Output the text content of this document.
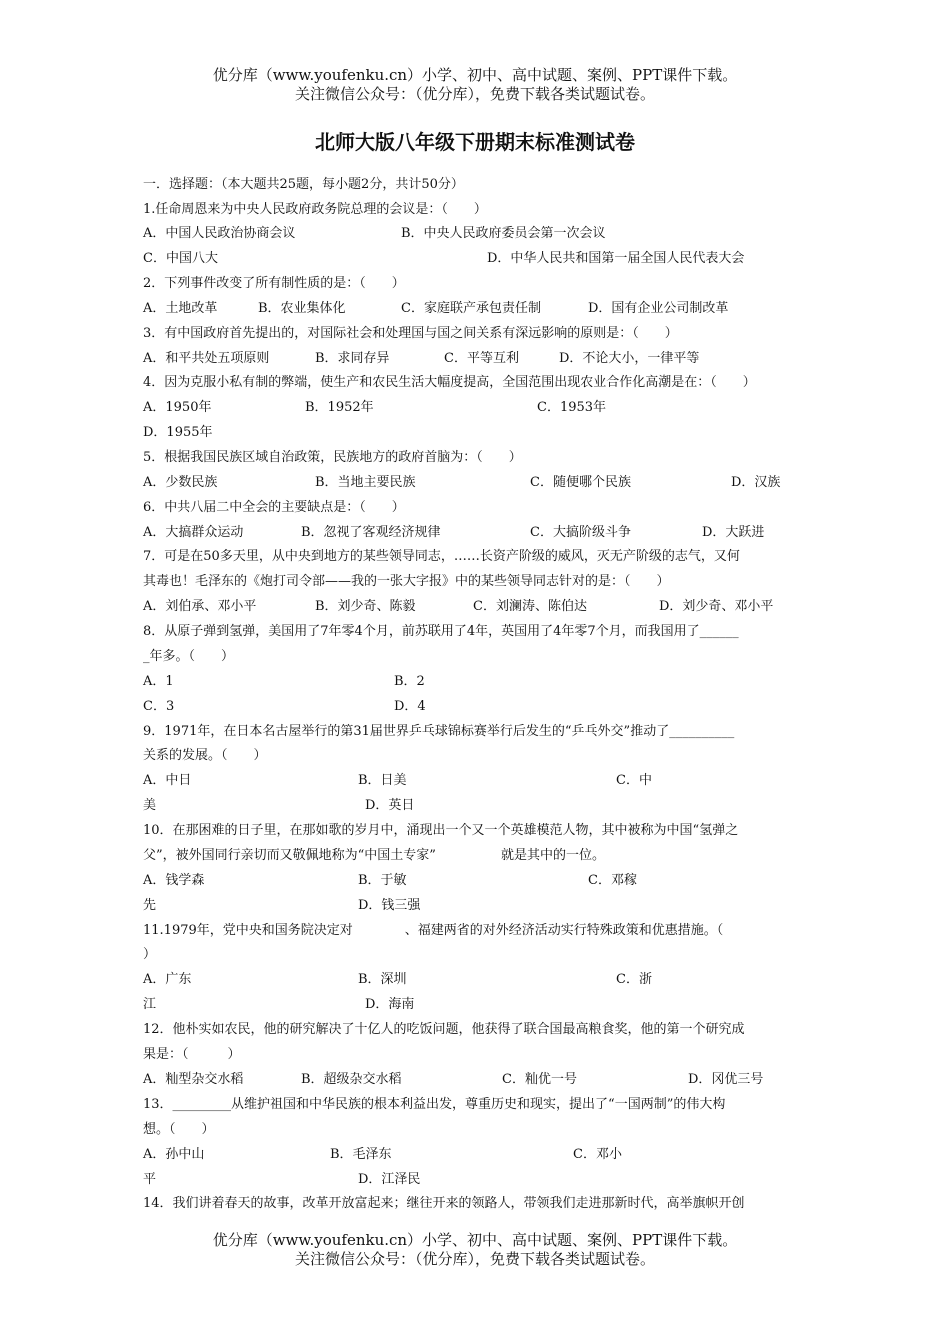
优分库（www.youfenku.cn）小学、初中、高中试题、案例、PPT课件下载。
关注微信公众号：（优分库），免费下载各类试题试卷。
北师大版八年级下册期末标准测试卷
一．选择题：（本大题共25题，每小题2分，共计50分）
1.任命周恩来为中央人民政府政务院总理的会议是：（　　）
A．中国人民政治协商会议	B．中央人民政府委员会第一次会议
C．中国八大	D．中华人民共和国第一届全国人民代表大会
2．下列事件改变了所有制性质的是：（　　）
A．土地改革	B．农业集体化	C．家庭联产承包责任制	D．国有企业公司制改革
3．有中国政府首先提出的，对国际社会和处理国与国之间关系有深远影响的原则是：（　　）
A．和平共处五项原则	B．求同存异	C．平等互利	D．不论大小，一律平等
4．因为克服小私有制的弊端，使生产和农民生活大幅度提高，全国范围出现农业合作化高潮是在：（　　）
A．1950年	B．1952年	C．1953年
D．1955年
5．根据我国民族区域自治政策，民族地方的政府首脑为：（　　）
A．少数民族	B．当地主要民族	C．随便哪个民族	D．汉族
6．中共八届二中全会的主要缺点是：（　　）
A．大搞群众运动	B．忽视了客观经济规律	C．大搞阶级斗争	D．大跃进
7．可是在50多天里，从中央到地方的某些领导同志，……长资产阶级的威风，灭无产阶级的志气，又何
其毒也！毛泽东的《炮打司令部——我的一张大字报》中的某些领导同志针对的是：（　　）
A．刘伯承、邓小平	B．刘少奇、陈毅	C．刘澜涛、陈伯达	D．刘少奇、邓小平
8．从原子弹到氢弹，美国用了7年零4个月，前苏联用了4年，英国用了4年零7个月，而我国用了______
_年多。（　　）
A．1	B．2
C．3	D．4
9．1971年，在日本名古屋举行的第31届世界乒乓球锦标赛举行后发生的“乒乓外交”推动了__________
关系的发展。（　　）
A．中日	B．日美	C．中
美	D．英日
10．在那困难的日子里，在那如歌的岁月中，涌现出一个又一个英雄模范人物，其中被称为中国“氢弹之
父”，被外国同行亲切而又敬佩地称为“中国土专家”　　　　　就是其中的一位。
A．钱学森	B．于敏	C．邓稼
先	D．钱三强
11.1979年，党中央和国务院决定对　　　　、福建两省的对外经济活动实行特殊政策和优惠措施。（
）
A．广东	B．深圳	C．浙
江	D．海南
12．他朴实如农民，他的研究解决了十亿人的吃饭问题，他获得了联合国最高粮食奖，他的第一个研究成
果是：（　　　）
A．籼型杂交水稻	B．超级杂交水稻	C．籼优一号	D．冈优三号
13．_________从维护祖国和中华民族的根本利益出发，尊重历史和现实，提出了“一国两制”的伟大构
想。（　　）
A．孙中山	B．毛泽东	C．邓小
平	D．江泽民
14．我们讲着春天的故事，改革开放富起来；继往开来的领路人，带领我们走进那新时代，高举旗帜开创
优分库（www.youfenku.cn）小学、初中、高中试题、案例、PPT课件下载。
关注微信公众号：（优分库），免费下载各类试题试卷。
